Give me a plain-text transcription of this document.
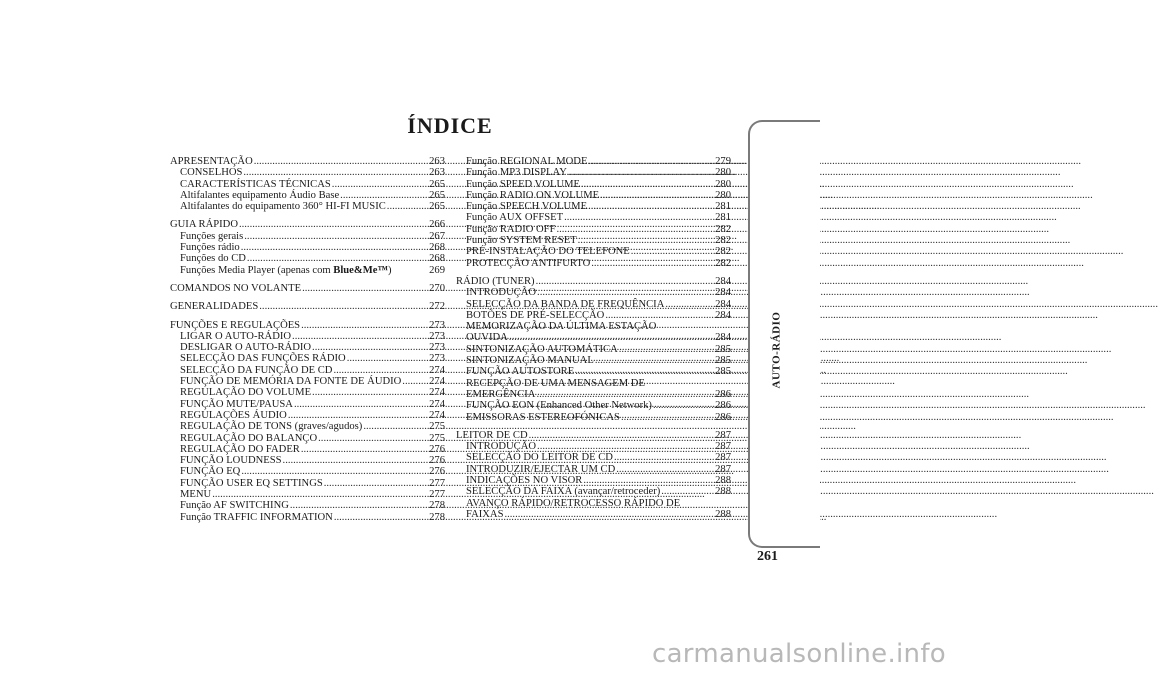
ÍNDICE
APRESENTAÇÃO .....	263
CONSELHOS .....	263
CARACTERÍSTICAS TÉCNICAS .....	265
Altifalantes equipamento Áudio Base .....	265
Altifalantes do equipamento 360° HI-FI MUSIC .....	265
GUIA RÁPIDO .....	266
Funções gerais .....	267
Funções rádio .....	268
Funções do CD .....	268
Funções Media Player (apenas com Blue&Me™)	269
COMANDOS NO VOLANTE .....	270
GENERALIDADES .....	272
FUNÇÕES E REGULAÇÕES .....	273
LIGAR O AUTO-RÁDIO .....	273
DESLIGAR O AUTO-RÁDIO .....	273
SELECÇÃO DAS FUNÇÕES RÁDIO .....	273
SELECÇÃO DA FUNÇÃO DE CD .....	274
FUNÇÃO DE MEMÓRIA DA FONTE DE ÁUDIO .....	274
REGULAÇÃO DO VOLUME .....	274
FUNÇÃO MUTE/PAUSA .....	274
REGULAÇÕES ÁUDIO .....	274
REGULAÇÃO DE TONS (graves/agudos) .....	275
REGULAÇÃO DO BALANÇO .....	275
REGULAÇÃO DO FADER .....	276
FUNÇÃO LOUDNESS .....	276
FUNÇÃO EQ .....	276
FUNÇÃO USER EQ SETTINGS .....	277
MENU .....	277
Função AF SWITCHING .....	278
Função TRAFFIC INFORMATION .....	278
Função REGIONAL MODE .....	279
Função MP3 DISPLAY .....	280
Função SPEED VOLUME .....	280
Função RADIO ON VOLUME .....	280
Função SPEECH VOLUME .....	281
Função AUX OFFSET .....	281
Função RADIO OFF .....	282
Função SYSTEM RESET .....	282
PRÉ-INSTALAÇÃO DO TELEFONE .....	282
PROTECÇÃO ANTIFURTO .....	282
RÁDIO (TUNER) .....	284
INTRODUÇÃO .....	284
SELECÇÃO DA BANDA DE FREQUÊNCIA .....	284
BOTÕES DE PRÉ-SELECÇÃO .....	284
MEMORIZAÇÃO DA ÚLTIMA ESTAÇÃO
OUVIDA .....	284
SINTONIZAÇÃO AUTOMÁTICA .....	285
SINTONIZAÇÃO MANUAL .....	285
FUNÇÃO AUTOSTORE .....	285
RECEPÇÃO DE UMA MENSAGEM DE
EMERGÊNCIA .....	286
FUNÇÃO EON (Enhanced Other Network) .....	286
EMISSORAS ESTEREOFÓNICAS .....	286
LEITOR DE CD .....	287
INTRODUÇÃO .....	287
SELECÇÃO DO LEITOR DE CD .....	287
INTRODUZIR/EJECTAR UM CD .....	287
INDICAÇÕES NO VISOR .....	288
SELECÇÃO DA FAIXA (avançar/retroceder) .....	288
AVANÇO RÁPIDO/RETROCESSO RÁPIDO DE
FAIXAS .....	288
AUTO-RÁDIO
261
carmanualsonline.info
